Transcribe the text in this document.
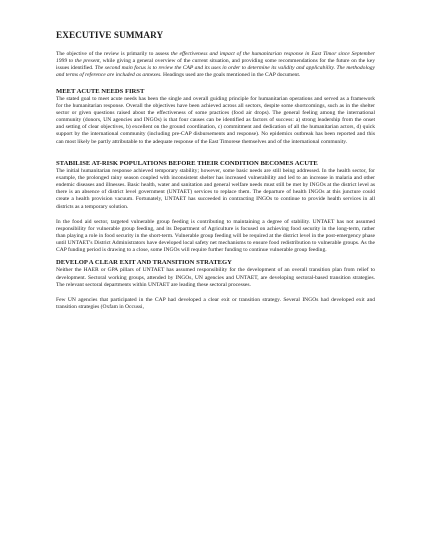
EXECUTIVE SUMMARY

The objective of the review is primarily to assess the effectiveness and impact of the humanitarian response in East Timor since September 1999 to the present, while giving a general overview of the current situation, and providing some recommendations for the future on the key issues identified. The second main focus is to review the CAP and its uses in order to determine its validity and applicability. The methodology and terms of reference are included as annexes. Headings used are the goals mentioned in the CAP document.

MEET ACUTE NEEDS FIRST

The stated goal to meet acute needs has been the single and overall guiding principle for humanitarian operations and served as a framework for the humanitarian response. Overall the objectives have been achieved across all sectors, despite some shortcomings, such as in the shelter sector or given questions raised about the effectiveness of some practices (food air drops). The general feeling among the international community (donors, UN agencies and INGOs) is that four causes can be identified as factors of success: a) strong leadership from the onset and setting of clear objectives, b) excellent on the ground coordination, c) commitment and dedication of all the humanitarian actors, d) quick support by the international community (including pre-CAP disbursements and response). No epidemics outbreak has been reported and this can most likely be partly attributable to the adequate response of the East Timorese themselves and of the international community.

STABILISE AT-RISK POPULATIONS BEFORE THEIR CONDITION BECOMES ACUTE

The initial humanitarian response achieved temporary stability; however, some basic needs are still being addressed. In the health sector, for example, the prolonged rainy season coupled with inconsistent shelter has increased vulnerability and led to an increase in malaria and other endemic diseases and illnesses. Basic health, water and sanitation and general welfare needs must still be met by INGOs at the district level as there is an absence of district level government (UNTAET) services to replace them. The departure of health INGOs at this juncture could create a health provision vacuum. Fortunately, UNTAET has succeeded in contracting INGOs to continue to provide health services in all districts as a temporary solution.

In the food aid sector, targeted vulnerable group feeding is contributing to maintaining a degree of stability. UNTAET has not assumed responsibility for vulnerable group feeding, and its Department of Agriculture is focused on achieving food security in the long-term, rather than playing a role in food security in the short-term. Vulnerable group feeding will be required at the district level in the post-emergency phase until UNTAET's District Administrators have developed local safety net mechanisms to ensure food redistribution to vulnerable groups. As the CAP funding period is drawing to a close, some INGOs will require further funding to continue vulnerable group feeding.

DEVELOP A CLEAR EXIT AND TRANSITION STRATEGY

Neither the HAER or GPA pillars of UNTAET has assumed responsibility for the development of an overall transition plan from relief to development. Sectoral working groups, attended by INGOs, UN agencies and UNTAET, are developing sectoral-based transition strategies. The relevant sectoral departments within UNTAET are leading these sectoral processes.

Few UN agencies that participated in the CAP had developed a clear exit or transition strategy. Several INGOs had developed exit and transition strategies (Oxfam in Occussi,
